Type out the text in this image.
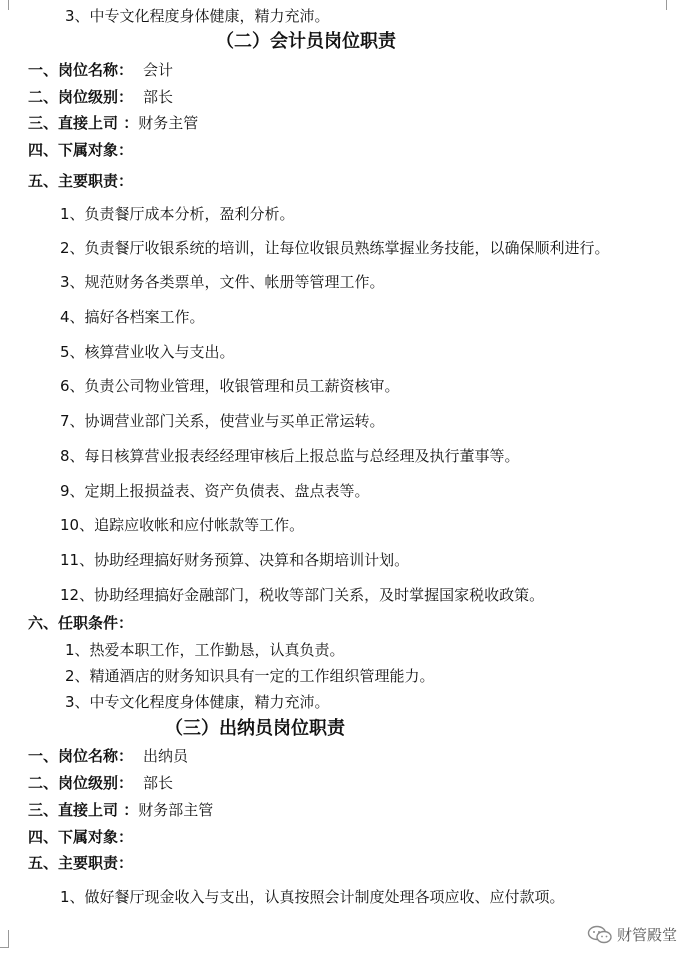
3、中专文化程度身体健康，精力充沛。
（二）会计员岗位职责
一、岗位名称： 会计
二、岗位级别： 部长
三、直接上司 ：财务主管
四、下属对象：
五、主要职责：
1、负责餐厅成本分析，盈利分析。
2、负责餐厅收银系统的培训，让每位收银员熟练掌握业务技能，以确保顺利进行。
3、规范财务各类票单，文件、帐册等管理工作。
4、搞好各档案工作。
5、核算营业收入与支出。
6、负责公司物业管理，收银管理和员工薪资核审。
7、协调营业部门关系，使营业与买单正常运转。
8、每日核算营业报表经经理审核后上报总监与总经理及执行董事等。
9、定期上报损益表、资产负债表、盘点表等。
10、追踪应收帐和应付帐款等工作。
11、协助经理搞好财务预算、决算和各期培训计划。
12、协助经理搞好金融部门，税收等部门关系，及时掌握国家税收政策。
六、任职条件：
1、热爱本职工作，工作勤恳，认真负责。
2、精通酒店的财务知识具有一定的工作组织管理能力。
3、中专文化程度身体健康，精力充沛。
（三）出纳员岗位职责
一、岗位名称： 出纳员
二、岗位级别： 部长
三、直接上司 ：财务部主管
四、下属对象：
五、主要职责：
1、做好餐厅现金收入与支出，认真按照会计制度处理各项应收、应付款项。
财管殿堂
